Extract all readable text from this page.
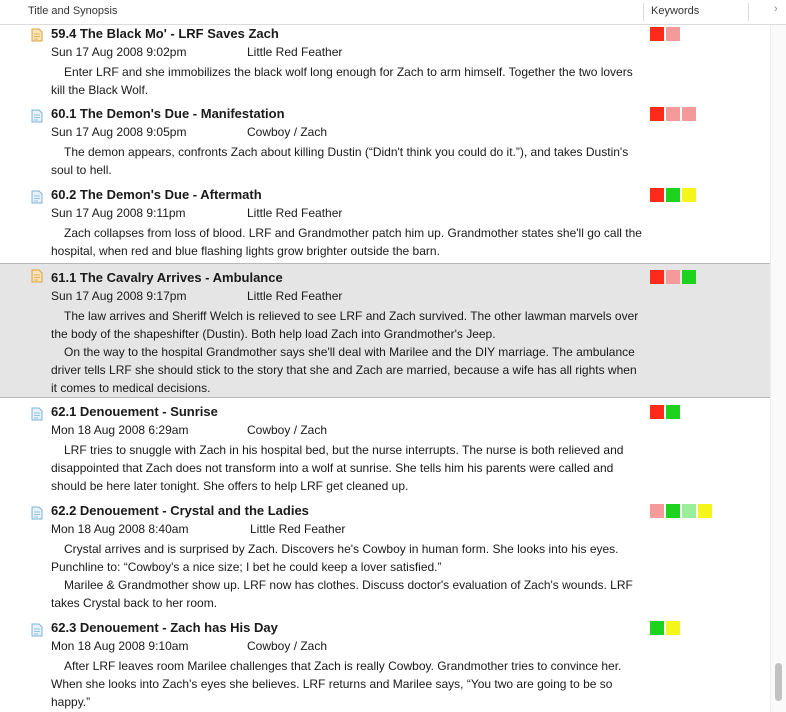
Title and Synopsis	Keywords	›
59.4 The Black Mo' - LRF Saves Zach
Sun 17 Aug 2008 9:02pm	Little Red Feather

Enter LRF and she immobilizes the black wolf long enough for Zach to arm himself. Together the two lovers kill the Black Wolf.

60.1 The Demon's Due - Manifestation
Sun 17 Aug 2008 9:05pm	Cowboy / Zach

The demon appears, confronts Zach about killing Dustin (“Didn't think you could do it.”), and takes Dustin's soul to hell.

60.2 The Demon's Due - Aftermath
Sun 17 Aug 2008 9:11pm	Little Red Feather

Zach collapses from loss of blood. LRF and Grandmother patch him up. Grandmother states she'll go call the hospital, when red and blue flashing lights grow brighter outside the barn.

61.1 The Cavalry Arrives - Ambulance
Sun 17 Aug 2008 9:17pm	Little Red Feather

The law arrives and Sheriff Welch is relieved to see LRF and Zach survived. The other lawman marvels over the body of the shapeshifter (Dustin). Both help load Zach into Grandmother's Jeep.

On the way to the hospital Grandmother says she'll deal with Marilee and the DIY marriage. The ambulance driver tells LRF she should stick to the story that she and Zach are married, because a wife has all rights when it comes to medical decisions.

62.1 Denouement - Sunrise
Mon 18 Aug 2008 6:29am	Cowboy / Zach

LRF tries to snuggle with Zach in his hospital bed, but the nurse interrupts. The nurse is both relieved and disappointed that Zach does not transform into a wolf at sunrise. She tells him his parents were called and should be here later tonight. She offers to help LRF get cleaned up.

62.2 Denouement - Crystal and the Ladies
Mon 18 Aug 2008 8:40am	Little Red Feather

Crystal arrives and is surprised by Zach. Discovers he's Cowboy in human form. She looks into his eyes. Punchline to: “Cowboy's a nice size; I bet he could keep a lover satisfied.”

Marilee & Grandmother show up. LRF now has clothes. Discuss doctor's evaluation of Zach's wounds. LRF takes Crystal back to her room.

62.3 Denouement - Zach has His Day
Mon 18 Aug 2008 9:10am	Cowboy / Zach

After LRF leaves room Marilee challenges that Zach is really Cowboy. Grandmother tries to convince her. When she looks into Zach's eyes she believes. LRF returns and Marilee says, “You two are going to be so happy.”
